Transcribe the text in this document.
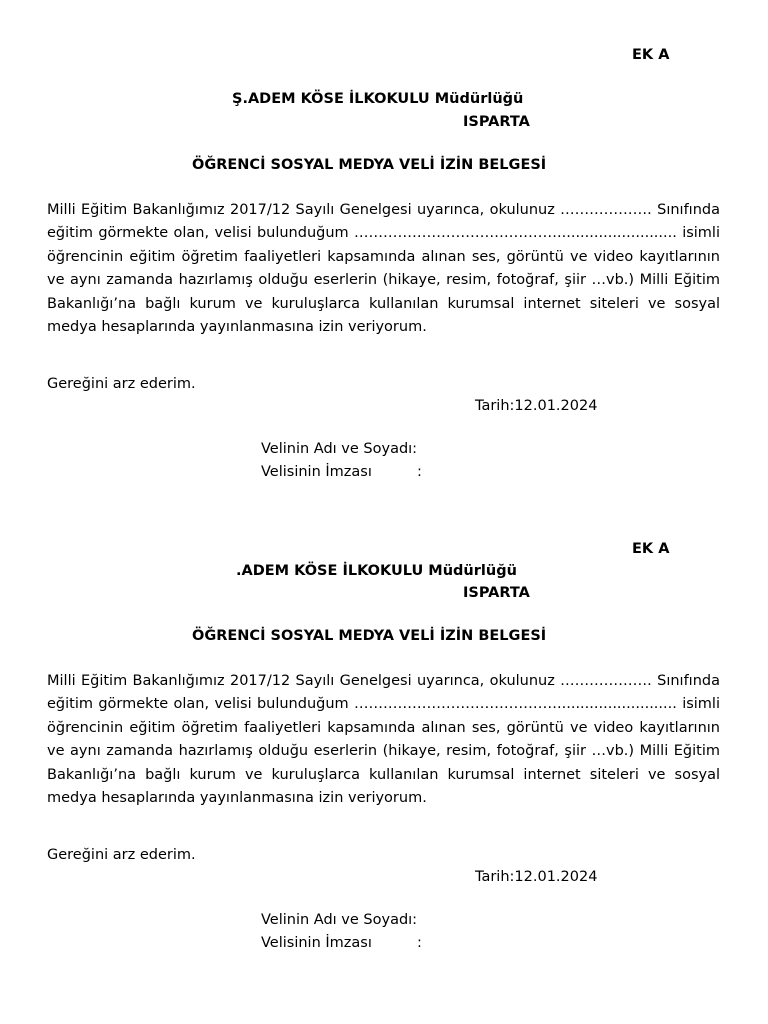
EK A
Ş.ADEM KÖSE İLKOKULU Müdürlüğü
ISPARTA
ÖĞRENCİ SOSYAL MEDYA VELİ İZİN BELGESİ
Milli Eğitim Bakanlığımız 2017/12 Sayılı Genelgesi uyarınca, okulunuz ………………. Sınıfında eğitim görmekte olan, velisi bulunduğum …………………………………….......................... isimli öğrencinin eğitim öğretim faaliyetleri kapsamında alınan ses, görüntü ve video kayıtlarının ve aynı zamanda hazırlamış olduğu eserlerin (hikaye, resim, fotoğraf, şiir …vb.) Milli Eğitim Bakanlığı’na bağlı kurum ve kuruluşlarca kullanılan kurumsal internet siteleri ve sosyal medya hesaplarında yayınlanmasına izin veriyorum.
Gereğini arz ederim.
Tarih:12.01.2024
Velinin Adı ve Soyadı:
Velisinin İmzası	:
EK A
.ADEM KÖSE İLKOKULU Müdürlüğü
ISPARTA
ÖĞRENCİ SOSYAL MEDYA VELİ İZİN BELGESİ
Milli Eğitim Bakanlığımız 2017/12 Sayılı Genelgesi uyarınca, okulunuz ………………. Sınıfında eğitim görmekte olan, velisi bulunduğum …………………………………….......................... isimli öğrencinin eğitim öğretim faaliyetleri kapsamında alınan ses, görüntü ve video kayıtlarının ve aynı zamanda hazırlamış olduğu eserlerin (hikaye, resim, fotoğraf, şiir …vb.) Milli Eğitim Bakanlığı’na bağlı kurum ve kuruluşlarca kullanılan kurumsal internet siteleri ve sosyal medya hesaplarında yayınlanmasına izin veriyorum.
Gereğini arz ederim.
Tarih:12.01.2024
Velinin Adı ve Soyadı:
Velisinin İmzası	:
